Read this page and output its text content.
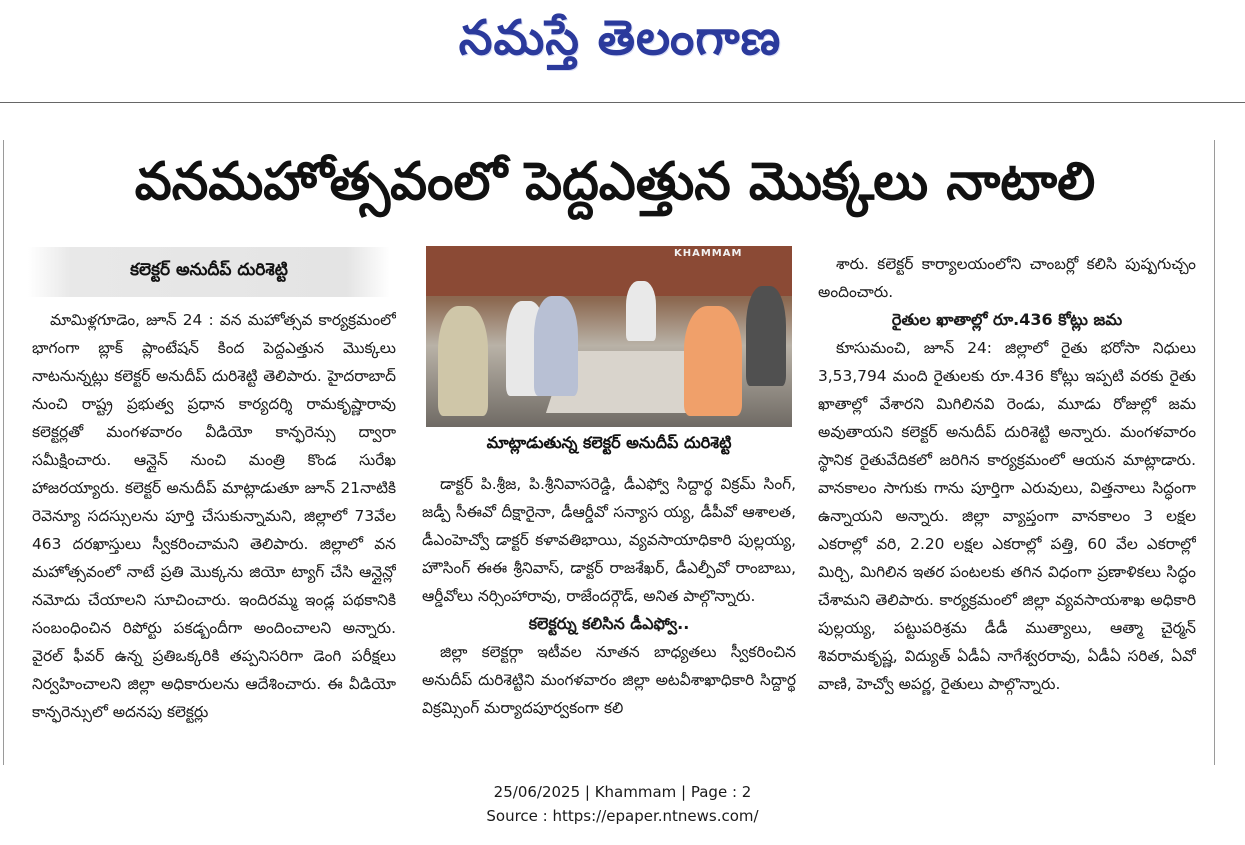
నమస్తే తెలంగాణ
వనమహోత్సవంలో పెద్దఎత్తున మొక్కలు నాటాలి
కలెక్టర్ అనుదీప్ దురిశెట్టి

మామిళ్లగూడెం, జూన్ 24 : వన మహోత్సవ కార్యక్రమంలో భాగంగా బ్లాక్ ప్లాంటేషన్ కింద పెద్దఎత్తున మొక్కలు నాటనున్నట్లు కలెక్టర్ అనుదీప్ దురిశెట్టి తెలిపారు. హైదరాబాద్ నుంచి రాష్ట్ర ప్రభుత్వ ప్రధాన కార్యదర్శి రామకృష్ణారావు కలెక్టర్లతో మంగళవారం వీడియో కాన్ఫరెన్సు ద్వారా సమీక్షించారు. ఆన్లైన్ నుంచి మంత్రి కొండ సురేఖ హాజరయ్యారు. కలెక్టర్ అనుదీప్ మాట్లాడుతూ జూన్ 21నాటికి రెవెన్యూ సదస్సులను పూర్తి చేసుకున్నామని, జిల్లాలో 73వేల 463 దరఖాస్తులు స్వీకరించామని తెలిపారు. జిల్లాలో వన మహోత్సవంలో నాటే ప్రతి మొక్కను జియో ట్యాగ్ చేసి ఆన్లైన్లో నమోదు చేయాలని సూచించారు. ఇందిరమ్మ ఇండ్ల పథకానికి సంబంధించిన రిపోర్టు పకడ్బందీగా అందించాలని అన్నారు. వైరల్ ఫీవర్ ఉన్న ప్రతిఒక్కరికి తప్పనిసరిగా డెంగి పరీక్షలు నిర్వహించాలని జిల్లా అధికారులను ఆదేశించారు. ఈ వీడియో కాన్ఫరెన్సులో అదనపు కలెక్టర్లు

KHAMMAM
మాట్లాడుతున్న కలెక్టర్ అనుదీప్ దురిశెట్టి

డాక్టర్ పి.శ్రీజ, పి.శ్రీనివాసరెడ్డి, డీఎఫ్వో సిద్దార్థ విక్రమ్ సింగ్, జడ్పీ సీఈవో దీక్షారైనా, డీఆర్డీవో సన్యాస య్య, డీపీవో ఆశాలత, డీఎంహెచ్వో డాక్టర్ కళావతిభాయి, వ్యవసాయాధికారి పుల్లయ్య, హౌసింగ్ ఈఈ శ్రీనివాస్, డాక్టర్ రాజశేఖర్, డీఎల్పీవో రాంబాబు, ఆర్డీవోలు నర్సింహారావు, రాజేందర్గౌడ్, అనిత పాల్గొన్నారు.

కలెక్టర్ను కలిసిన డీఎఫ్వో..

జిల్లా కలెక్టర్గా ఇటీవల నూతన బాధ్యతలు స్వీకరించిన అనుదీప్ దురిశెట్టిని మంగళవారం జిల్లా అటవీశాఖాధికారి సిద్దార్థ విక్రమ్సింగ్ మర్యాదపూర్వకంగా కలి

శారు. కలెక్టర్ కార్యాలయంలోని చాంబర్లో కలిసి పుష్పగుచ్చం అందించారు.

రైతుల ఖాతాల్లో రూ.436 కోట్లు జమ

కూసుమంచి, జూన్ 24: జిల్లాలో రైతు భరోసా నిధులు 3,53,794 మంది రైతులకు రూ.436 కోట్లు ఇప్పటి వరకు రైతు ఖాతాల్లో వేశారని మిగిలినవి రెండు, మూడు రోజుల్లో జమ అవుతాయని కలెక్టర్ అనుదీప్ దురిశెట్టి అన్నారు. మంగళవారం స్థానిక రైతువేదికలో జరిగిన కార్యక్రమంలో ఆయన మాట్లాడారు. వానకాలం సాగుకు గాను పూర్తిగా ఎరువులు, విత్తనాలు సిద్ధంగా ఉన్నాయని అన్నారు. జిల్లా వ్యాప్తంగా వానకాలం 3 లక్షల ఎకరాల్లో వరి, 2.20 లక్షల ఎకరాల్లో పత్తి, 60 వేల ఎకరాల్లో మిర్చి, మిగిలిన ఇతర పంటలకు తగిన విధంగా ప్రణాళికలు సిద్ధం చేశామని తెలిపారు. కార్యక్రమంలో జిల్లా వ్యవసాయశాఖ అధికారి పుల్లయ్య, పట్టుపరిశ్రమ డీడీ ముత్యాలు, ఆత్మా చైర్మన్ శివరామకృష్ణ, విద్యుత్ ఏడీఏ నాగేశ్వరరావు, ఏడీఏ సరిత, ఏవో వాణి, హెచ్వో అపర్ణ, రైతులు పాల్గొన్నారు.

25/06/2025 | Khammam | Page : 2
Source : https://epaper.ntnews.com/
